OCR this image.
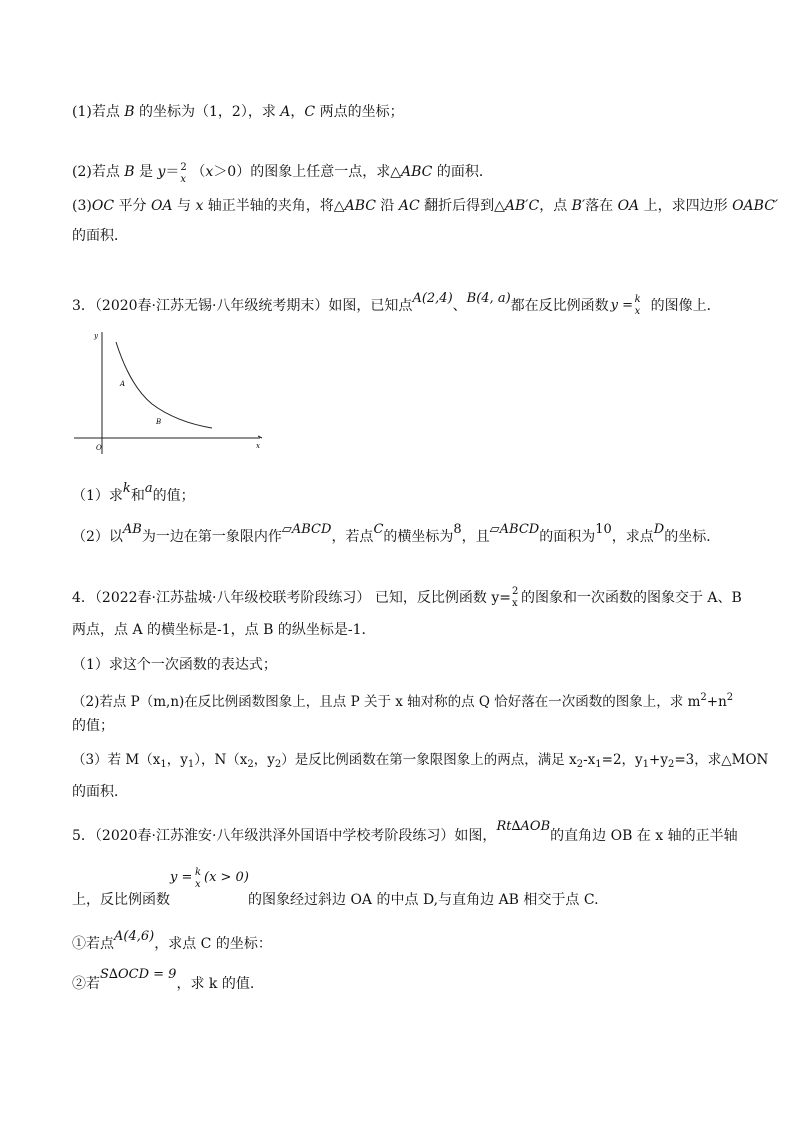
(1)若点 B 的坐标为（1，2），求 A，C 两点的坐标；
(2)若点 B 是 y＝ 2
x （x＞0）的图象上任意一点，求△ABC 的面积．
(3)OC 平分 OA 与 x 轴正半轴的夹角，将△ABC 沿 AC 翻折后得到△AB′C，点 B′落在 OA 上，求四边形 OABC′
的面积．
3．（2020春·江苏无锡·八年级统考期末）如图，已知点A(2,4)、B(4, a)都在反比例函数 y = k
x 的图像上．
y
x
O
A
B
（1）求k和a的值；
（2）以AB为一边在第一象限内作▱ABCD，若点C的横坐标为8，且▱ABCD的面积为10，求点D的坐标．
4．（2022春·江苏盐城·八年级校联考阶段练习） 已知，反比例函数 y= 2
x 的图象和一次函数的图象交于 A、B
两点，点 A 的横坐标是-1，点 B 的纵坐标是-1．
（1）求这个一次函数的表达式；
（2)若点 P（m,n)在反比例函数图象上，且点 P 关于 x 轴对称的点 Q 恰好落在一次函数的图象上，求 $m^2+n^2$
的值；
（3）若 $M(x_1$，$y_1$），$N(x_2$，$y_2$）是反比例函数在第一象限图象上的两点，满足 $x_2-x_1=2$，$y_1+y_2=3$，求△MON
的面积．
5．（2020春·江苏淮安·八年级洪泽外国语中学校考阶段练习）如图，Rt∆AOB的直角边 OB 在 x 轴的正半轴
上，反比例函数
y = k
x (x > 0)
的图象经过斜边 OA 的中点 D,与直角边 AB 相交于点 C.
①若点A(4,6)，求点 C 的坐标：
②若S∆OCD = 9，求 k 的值.
